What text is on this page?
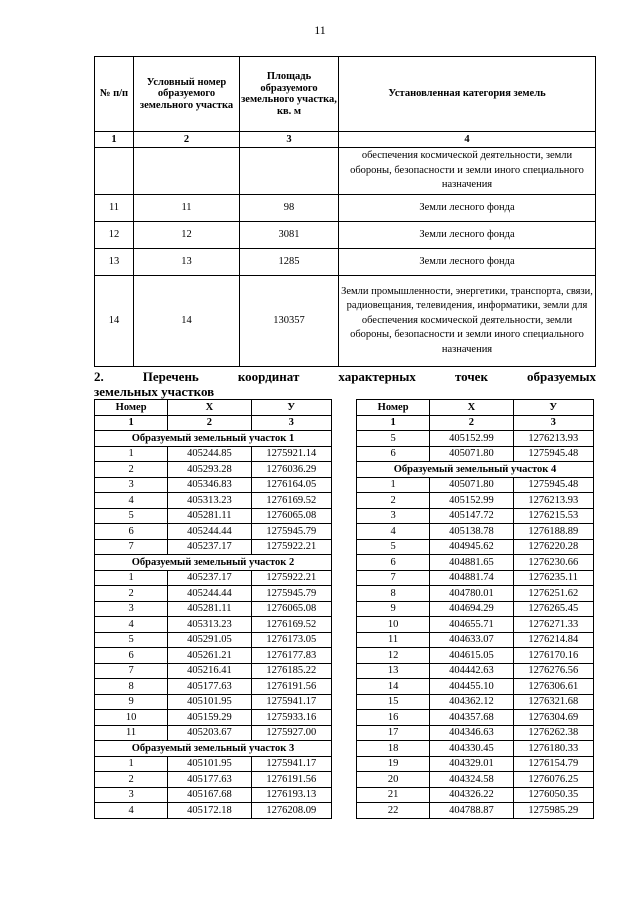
11
№ п/п	Условный номер образуемого земельного участка	Площадь образуемого земельного участка, кв. м	Установленная категория земель
1	2	3	4
			обеспечения космической деятельности, земли обороны, безопасности и земли иного специального назначения
11	11	98	Земли лесного фонда
12	12	3081	Земли лесного фонда
13	13	1285	Земли лесного фонда
14	14	130357	Земли промышленности, энергетики, транспорта, связи, радиовещания, телевидения, информатики, земли для обеспечения космической деятельности, земли обороны, безопасности и земли иного специального назначения
2.	Перечень	координат	характерных	точек	образуемых
земельных участков
Номер	X	У
1	2	3
Образуемый земельный участок 1		
1	405244.85	1275921.14
2	405293.28	1276036.29
3	405346.83	1276164.05
4	405313.23	1276169.52
5	405281.11	1276065.08
6	405244.44	1275945.79
7	405237.17	1275922.21
Образуемый земельный участок 2		
1	405237.17	1275922.21
2	405244.44	1275945.79
3	405281.11	1276065.08
4	405313.23	1276169.52
5	405291.05	1276173.05
6	405261.21	1276177.83
7	405216.41	1276185.22
8	405177.63	1276191.56
9	405101.95	1275941.17
10	405159.29	1275933.16
11	405203.67	1275927.00
Образуемый земельный участок 3		
1	405101.95	1275941.17
2	405177.63	1276191.56
3	405167.68	1276193.13
4	405172.18	1276208.09
Номер	X	У
1	2	3
5	405152.99	1276213.93
6	405071.80	1275945.48
Образуемый земельный участок 4		
1	405071.80	1275945.48
2	405152.99	1276213.93
3	405147.72	1276215.53
4	405138.78	1276188.89
5	404945.62	1276220.28
6	404881.65	1276230.66
7	404881.74	1276235.11
8	404780.01	1276251.62
9	404694.29	1276265.45
10	404655.71	1276271.33
11	404633.07	1276214.84
12	404615.05	1276170.16
13	404442.63	1276276.56
14	404455.10	1276306.61
15	404362.12	1276321.68
16	404357.68	1276304.69
17	404346.63	1276262.38
18	404330.45	1276180.33
19	404329.01	1276154.79
20	404324.58	1276076.25
21	404326.22	1276050.35
22	404788.87	1275985.29
